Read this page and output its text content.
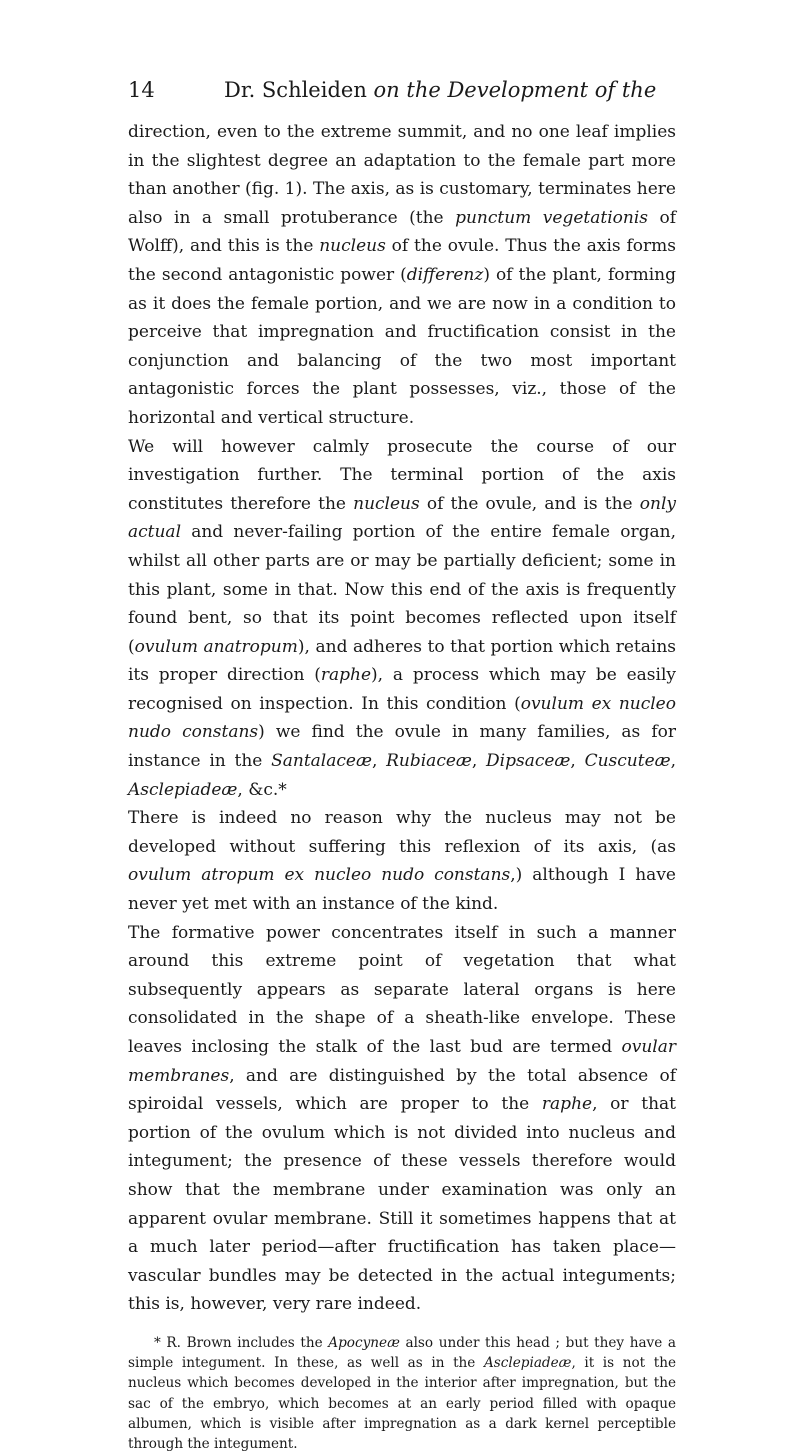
14	Dr. Schleiden on the Development of the

direction, even to the extreme summit, and no one leaf implies in the slightest degree an adaptation to the female part more than another (fig. 1). The axis, as is customary, terminates here also in a small protuberance (the punctum vegetationis of Wolff), and this is the nucleus of the ovule. Thus the axis forms the second antagonistic power (differenz) of the plant, forming as it does the female portion, and we are now in a condition to perceive that impregnation and fructification consist in the conjunction and balancing of the two most important antagonistic forces the plant possesses, viz., those of the horizontal and vertical structure.

We will however calmly prosecute the course of our investigation further. The terminal portion of the axis constitutes therefore the nucleus of the ovule, and is the only actual and never-failing portion of the entire female organ, whilst all other parts are or may be partially deficient; some in this plant, some in that. Now this end of the axis is frequently found bent, so that its point becomes reflected upon itself (ovulum anatropum), and adheres to that portion which retains its proper direction (raphe), a process which may be easily recognised on inspection. In this condition (ovulum ex nucleo nudo constans) we find the ovule in many families, as for instance in the Santalaceæ, Rubiaceæ, Dipsaceæ, Cuscuteæ, Asclepiadeæ, &c.*

There is indeed no reason why the nucleus may not be developed without suffering this reflexion of its axis, (as ovulum atropum ex nucleo nudo constans,) although I have never yet met with an instance of the kind.

The formative power concentrates itself in such a manner around this extreme point of vegetation that what subsequently appears as separate lateral organs is here consolidated in the shape of a sheath-like envelope. These leaves inclosing the stalk of the last bud are termed ovular membranes, and are distinguished by the total absence of spiroidal vessels, which are proper to the raphe, or that portion of the ovulum which is not divided into nucleus and integument; the presence of these vessels therefore would show that the membrane under examination was only an apparent ovular membrane. Still it sometimes happens that at a much later period—after fructification has taken place—vascular bundles may be detected in the actual integuments; this is, however, very rare indeed.

* R. Brown includes the Apocyneæ also under this head ; but they have a simple integument. In these, as well as in the Asclepiadeæ, it is not the nucleus which becomes developed in the interior after impregnation, but the sac of the embryo, which becomes at an early period filled with opaque albumen, which is visible after impregnation as a dark kernel perceptible through the integument.
